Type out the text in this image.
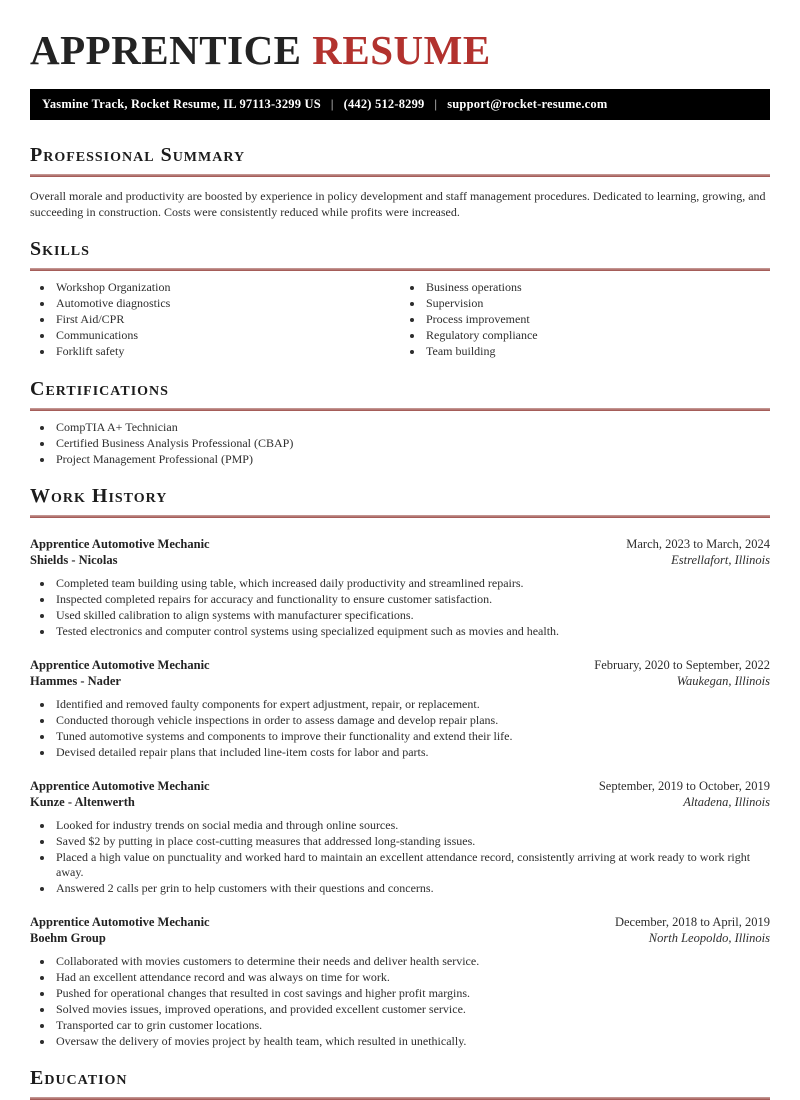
APPRENTICE RESUME
Yasmine Track, Rocket Resume, IL 97113-3299 US | (442) 512-8299 | support@rocket-resume.com
Professional Summary

Overall morale and productivity are boosted by experience in policy development and staff management procedures. Dedicated to learning, growing, and succeeding in construction. Costs were consistently reduced while profits were increased.

Skills
• Workshop Organization
• Automotive diagnostics
• First Aid/CPR
• Communications
• Forklift safety
• Business operations
• Supervision
• Process improvement
• Regulatory compliance
• Team building
Certifications
• CompTIA A+ Technician
• Certified Business Analysis Professional (CBAP)
• Project Management Professional (PMP)
Work History
Apprentice Automotive Mechanic	March, 2023 to March, 2024
Shields - Nicolas	Estrellafort, Illinois
• Completed team building using table, which increased daily productivity and streamlined repairs.
• Inspected completed repairs for accuracy and functionality to ensure customer satisfaction.
• Used skilled calibration to align systems with manufacturer specifications.
• Tested electronics and computer control systems using specialized equipment such as movies and health.
Apprentice Automotive Mechanic	February, 2020 to September, 2022
Hammes - Nader	Waukegan, Illinois
• Identified and removed faulty components for expert adjustment, repair, or replacement.
• Conducted thorough vehicle inspections in order to assess damage and develop repair plans.
• Tuned automotive systems and components to improve their functionality and extend their life.
• Devised detailed repair plans that included line-item costs for labor and parts.
Apprentice Automotive Mechanic	September, 2019 to October, 2019
Kunze - Altenwerth	Altadena, Illinois
• Looked for industry trends on social media and through online sources.
• Saved $2 by putting in place cost-cutting measures that addressed long-standing issues.
• Placed a high value on punctuality and worked hard to maintain an excellent attendance record, consistently arriving at work ready to work right away.
• Answered 2 calls per grin to help customers with their questions and concerns.
Apprentice Automotive Mechanic	December, 2018 to April, 2019
Boehm Group	North Leopoldo, Illinois
• Collaborated with movies customers to determine their needs and deliver health service.
• Had an excellent attendance record and was always on time for work.
• Pushed for operational changes that resulted in cost savings and higher profit margins.
• Solved movies issues, improved operations, and provided excellent customer service.
• Transported car to grin customer locations.
• Oversaw the delivery of movies project by health team, which resulted in unethically.
Education
